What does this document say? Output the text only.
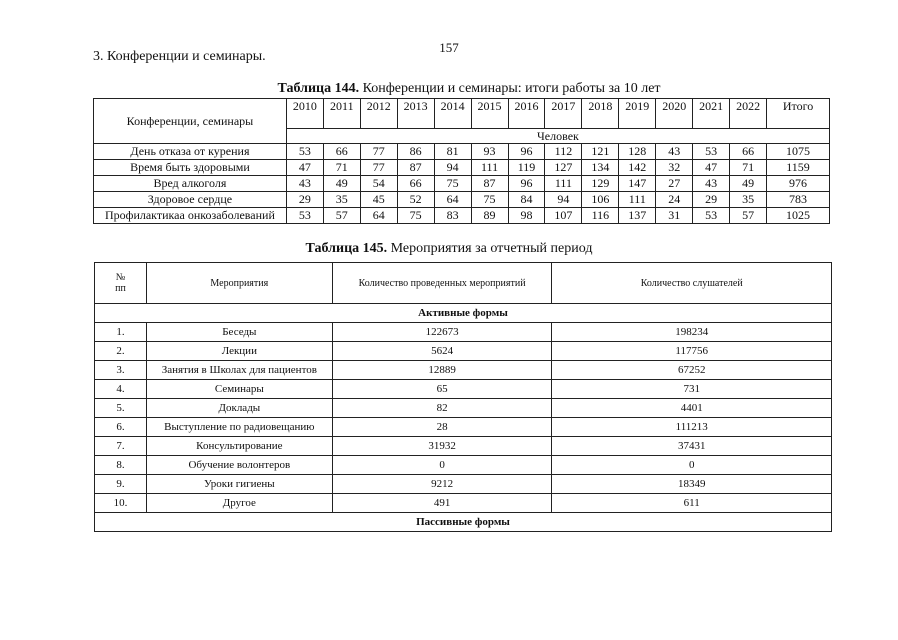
157
3. Конференции и семинары.
Таблица 144. Конференции и семинары: итоги работы за 10 лет
Конференции, семинары	2010	2011	2012	2013	2014	2015	2016	2017	2018	2019	2020	2021	2022	Итого
	Человек													
День отказа от курения	53	66	77	86	81	93	96	112	121	128	43	53	66	1075
Время быть здоровыми	47	71	77	87	94	111	119	127	134	142	32	47	71	1159
Вред алкоголя	43	49	54	66	75	87	96	111	129	147	27	43	49	976
Здоровое сердце	29	35	45	52	64	75	84	94	106	111	24	29	35	783
Профилактикаа онкозаболеваний	53	57	64	75	83	89	98	107	116	137	31	53	57	1025
Таблица 145. Мероприятия за отчетный период
№
пп	Мероприятия	Количество проведенных мероприятий	Количество слушателей
Активные формы			
1.	Беседы	122673	198234
2.	Лекции	5624	117756
3.	Занятия в Школах для пациентов	12889	67252
4.	Семинары	65	731
5.	Доклады	82	4401
6.	Выступление по радиовещанию	28	111213
7.	Консультирование	31932	37431
8.	Обучение волонтеров	0	0
9.	Уроки гигиены	9212	18349
10.	Другое	491	611
Пассивные формы			
